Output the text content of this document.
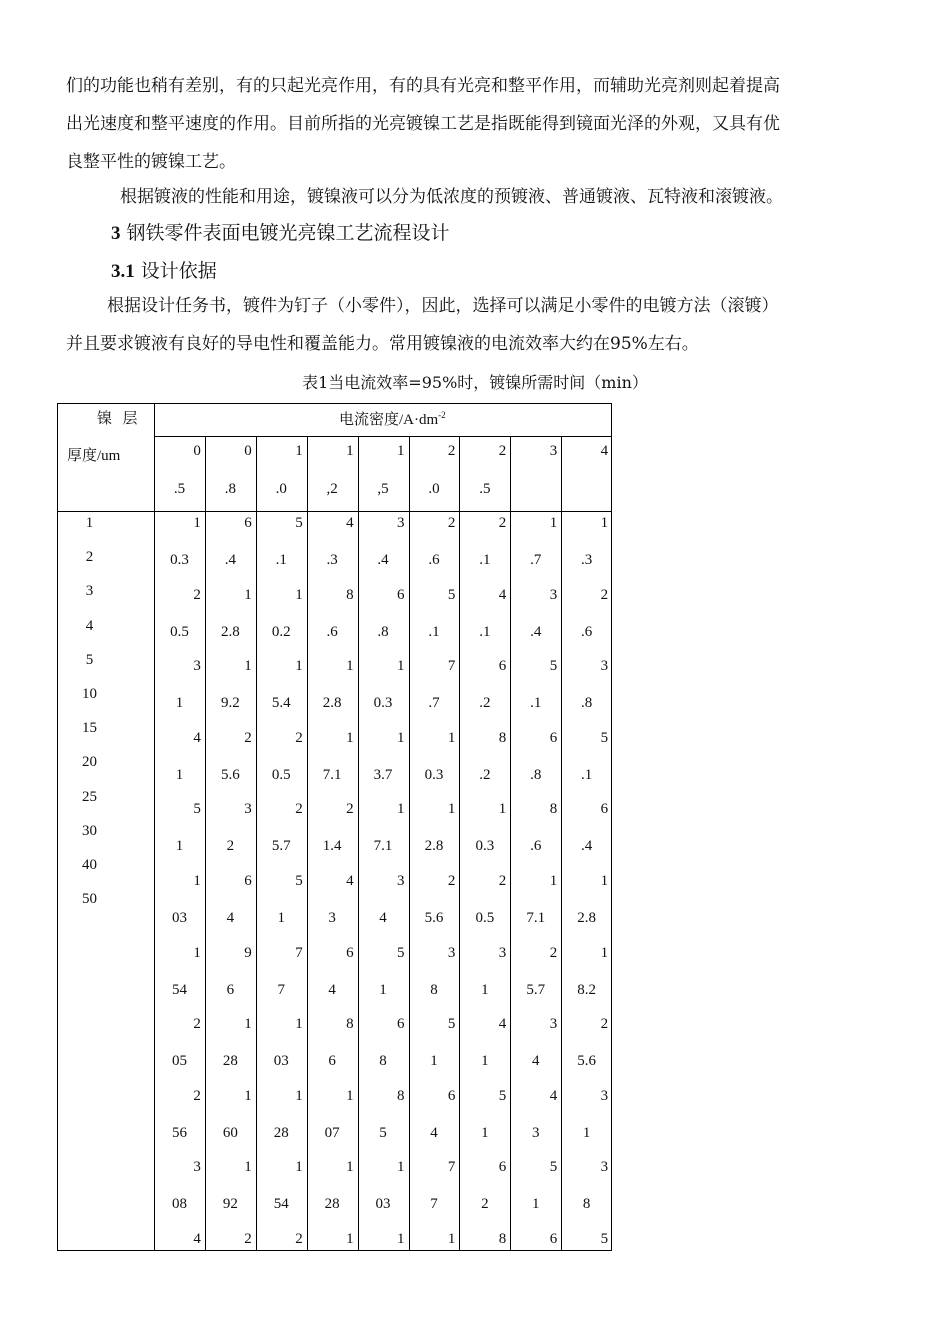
们的功能也稍有差别，有的只起光亮作用，有的具有光亮和整平作用，而辅助光亮剂则起着提高
出光速度和整平速度的作用。目前所指的光亮镀镍工艺是指既能得到镜面光泽的外观，又具有优
良整平性的镀镍工艺。
根据镀液的性能和用途，镀镍液可以分为低浓度的预镀液、普通镀液、瓦特液和滚镀液。
3 钢铁零件表面电镀光亮镍工艺流程设计
3.1 设计依据
根据设计任务书，镀件为钉子（小零件），因此，选择可以满足小零件的电镀方法（滚镀）
并且要求镀液有良好的导电性和覆盖能力。常用镀镍液的电流效率大约在95%左右。
表1当电流效率=95%时，镀镍所需时间（min）
镍  层
厚度/um
电流密度$/A\cdot dm^{-2}$
0
.5
0
.8
1
.0
1
,2
1
,5
2
.0
2
.5
3	4
1
2
3
4
5
10
15
20
25
30
40
50
1
0.3
2
0.5
3
1
4
1
5
1
1
03
1
54
2
05
2
56
3
08
4
6
.4
1
2.8
1
9.2
2
5.6
3
2
6
4
9
6
1
28
1
60
1
92
2
5
.1
1
0.2
1
5.4
2
0.5
2
5.7
5
1
7
7
1
03
1
28
1
54
2
4
.3
8
.6
1
2.8
1
7.1
2
1.4
4
3
6
4
8
6
1
07
1
28
1
3
.4
6
.8
1
0.3
1
3.7
1
7.1
3
4
5
1
6
8
8
5
1
03
1
2
.6
5
.1
7
.7
1
0.3
1
2.8
2
5.6
3
8
5
1
6
4
7
7
1
2
.1
4
.1
6
.2
8
.2
1
0.3
2
0.5
3
1
4
1
5
1
6
2
8
1
.7
3
.4
5
.1
6
.8
8
.6
1
7.1
2
5.7
3
4
4
3
5
1
6
1
.3
2
.6
3
.8
5
.1
6
.4
1
2.8
1
8.2
2
5.6
3
1
3
8
5
